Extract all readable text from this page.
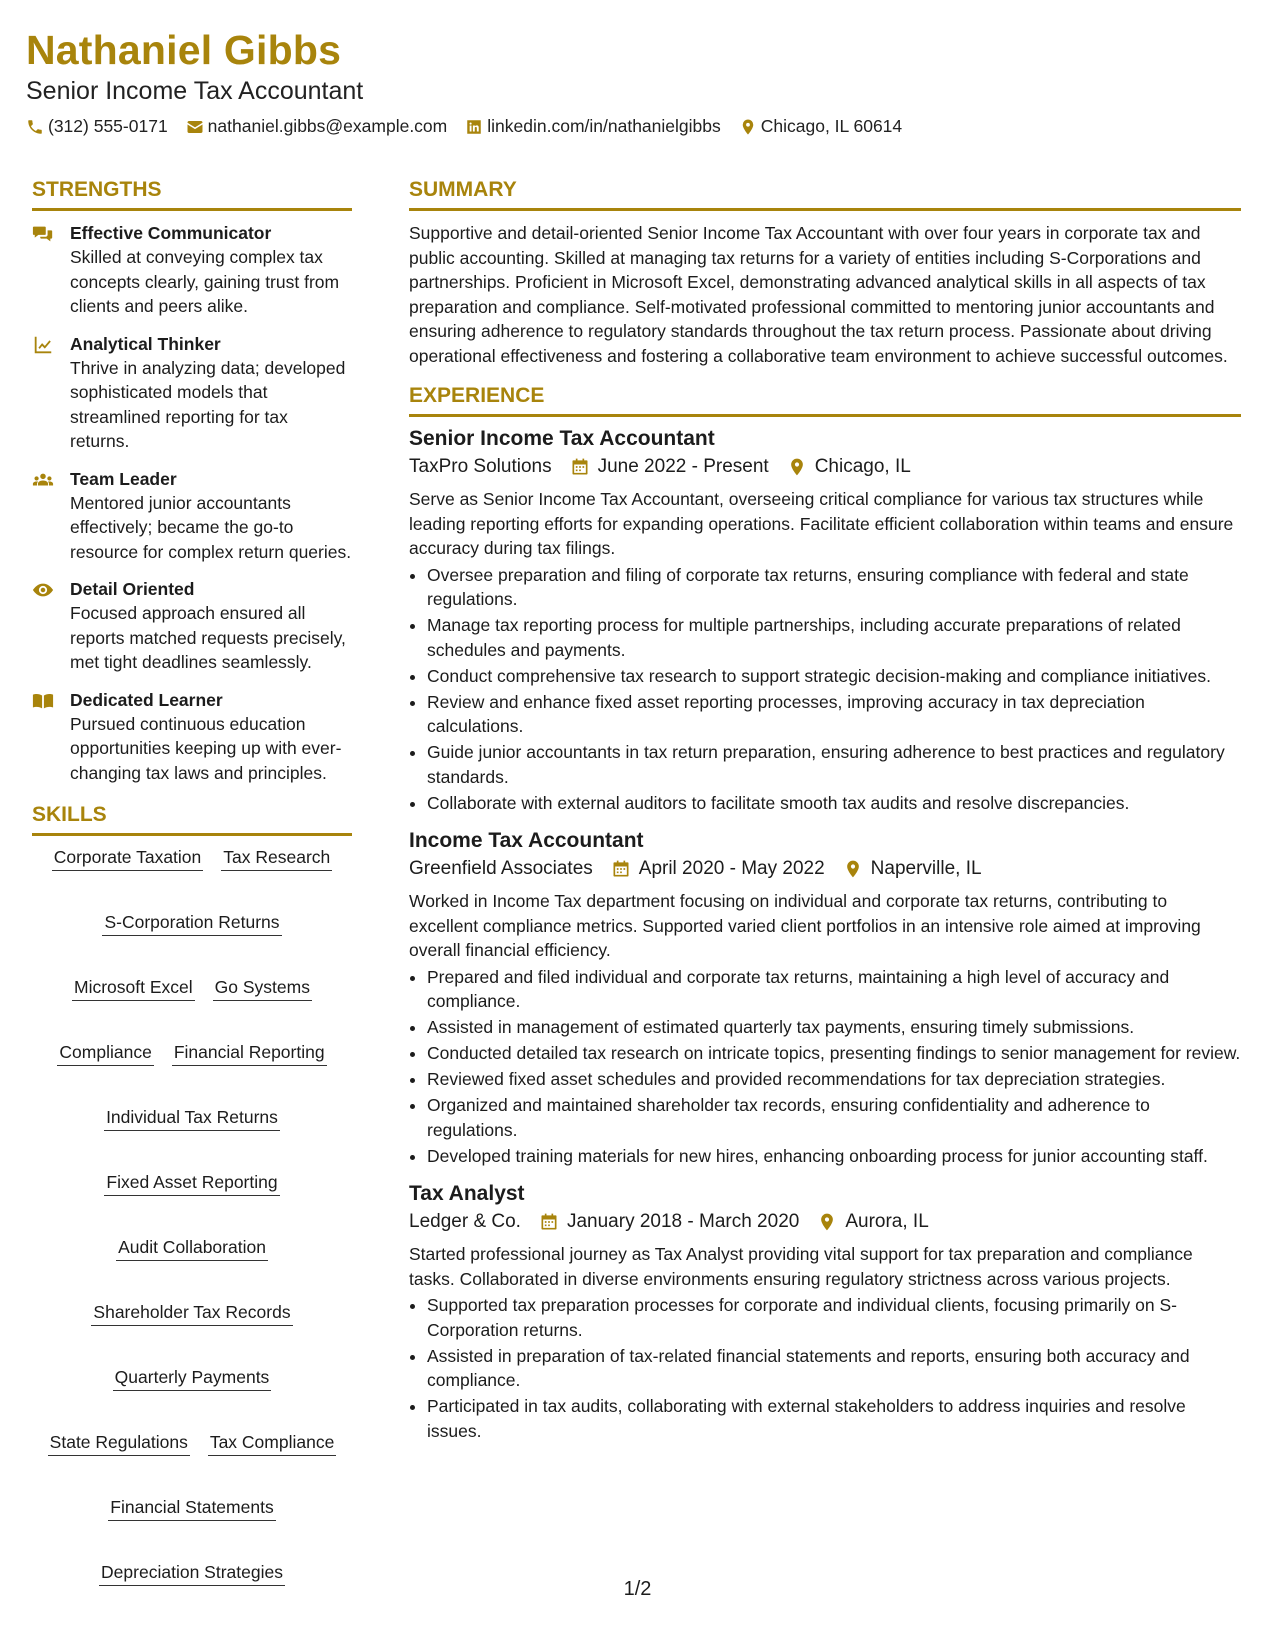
Nathaniel Gibbs
Senior Income Tax Accountant
(312) 555-0171 nathaniel.gibbs@example.com linkedin.com/in/nathanielgibbs Chicago, IL 60614
STRENGTHS
Effective Communicator
Skilled at conveying complex tax concepts clearly, gaining trust from clients and peers alike.
Analytical Thinker
Thrive in analyzing data; developed sophisticated models that streamlined reporting for tax returns.
Team Leader
Mentored junior accountants effectively; became the go-to resource for complex return queries.
Detail Oriented
Focused approach ensured all reports matched requests precisely, met tight deadlines seamlessly.
Dedicated Learner
Pursued continuous education opportunities keeping up with ever-changing tax laws and principles.
SKILLS
Corporate Taxation Tax Research
S-Corporation Returns
Microsoft Excel Go Systems
Compliance Financial Reporting
Individual Tax Returns
Fixed Asset Reporting
Audit Collaboration
Shareholder Tax Records
Quarterly Payments
State Regulations Tax Compliance
Financial Statements
Depreciation Strategies
SUMMARY
Supportive and detail-oriented Senior Income Tax Accountant with over four years in corporate tax and public accounting. Skilled at managing tax returns for a variety of entities including S-Corporations and partnerships. Proficient in Microsoft Excel, demonstrating advanced analytical skills in all aspects of tax preparation and compliance. Self-motivated professional committed to mentoring junior accountants and ensuring adherence to regulatory standards throughout the tax return process. Passionate about driving operational effectiveness and fostering a collaborative team environment to achieve successful outcomes.
EXPERIENCE
Senior Income Tax Accountant
TaxPro Solutions June 2022 - Present Chicago, IL
Serve as Senior Income Tax Accountant, overseeing critical compliance for various tax structures while leading reporting efforts for expanding operations. Facilitate efficient collaboration within teams and ensure accuracy during tax filings.
• Oversee preparation and filing of corporate tax returns, ensuring compliance with federal and state regulations.
• Manage tax reporting process for multiple partnerships, including accurate preparations of related schedules and payments.
• Conduct comprehensive tax research to support strategic decision-making and compliance initiatives.
• Review and enhance fixed asset reporting processes, improving accuracy in tax depreciation calculations.
• Guide junior accountants in tax return preparation, ensuring adherence to best practices and regulatory standards.
• Collaborate with external auditors to facilitate smooth tax audits and resolve discrepancies.
Income Tax Accountant
Greenfield Associates April 2020 - May 2022 Naperville, IL
Worked in Income Tax department focusing on individual and corporate tax returns, contributing to excellent compliance metrics. Supported varied client portfolios in an intensive role aimed at improving overall financial efficiency.
• Prepared and filed individual and corporate tax returns, maintaining a high level of accuracy and compliance.
• Assisted in management of estimated quarterly tax payments, ensuring timely submissions.
• Conducted detailed tax research on intricate topics, presenting findings to senior management for review.
• Reviewed fixed asset schedules and provided recommendations for tax depreciation strategies.
• Organized and maintained shareholder tax records, ensuring confidentiality and adherence to regulations.
• Developed training materials for new hires, enhancing onboarding process for junior accounting staff.
Tax Analyst
Ledger & Co. January 2018 - March 2020 Aurora, IL
Started professional journey as Tax Analyst providing vital support for tax preparation and compliance tasks. Collaborated in diverse environments ensuring regulatory strictness across various projects.
• Supported tax preparation processes for corporate and individual clients, focusing primarily on S-Corporation returns.
• Assisted in preparation of tax-related financial statements and reports, ensuring both accuracy and compliance.
• Participated in tax audits, collaborating with external stakeholders to address inquiries and resolve issues.
1/2
